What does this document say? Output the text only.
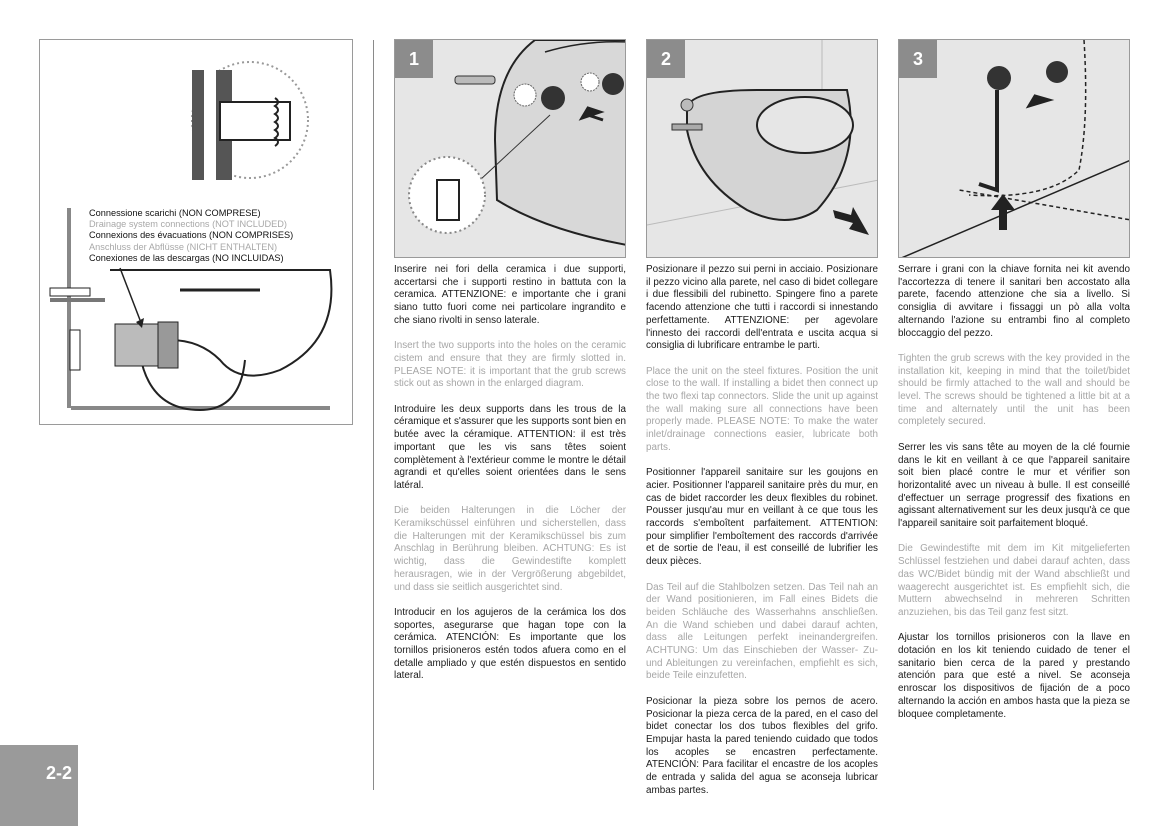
Connessione scarichi (NON COMPRESE)
Drainage system connections (NOT INCLUDED)
Connexions des évacuations (NON COMPRISES)
Anschluss der Abflüsse (NICHT ENTHALTEN)
Conexiones de las descargas (NO INCLUIDAS)
1	2	3

Inserire nei fori della ceramica i due supporti, accertarsi che i supporti restino in battuta con la ceramica. ATTENZIONE: e importante che i grani siano tutto fuori come nei particolare ingrandito e che siano rivolti in senso laterale.

Insert the two supports into the holes on the ceramic cistem and ensure that they are firmly slotted in. PLEASE NOTE: it is important that the grub screws stick out as shown in the enlarged diagram.

Introduire les deux supports dans les trous de la céramique et s'assurer que les supports sont bien en butée avec la céramique. ATTENTION: il est très important que les vis sans têtes soient complètement à l'extérieur comme le montre le détail agrandi et qu'elles soient orientées dans le sens latéral.

Die beiden Halterungen in die Löcher der Keramikschüssel einführen und sicherstellen, dass die Halterungen mit der Keramikschüssel bis zum Anschlag in Berührung bleiben. ACHTUNG: Es ist wichtig, dass die Gewindestifte komplett herausragen, wie in der Vergrößerung abgebildet, und dass sie seitlich ausgerichtet sind.

Introducir en los agujeros de la cerámica los dos soportes, asegurarse que hagan tope con la cerámica. ATENCIÓN: Es importante que los tornillos prisioneros estén todos afuera como en el detalle ampliado y que estén dispuestos en sentido lateral.

Posizionare il pezzo sui perni in acciaio. Posizionare il pezzo vicino alla parete, nel caso di bidet collegare i due flessibili del rubinetto. Spingere fino a parete facendo attenzione che tutti i raccordi si innestando perfettamente. ATTENZIONE: per agevolare l'innesto dei raccordi dell'entrata e uscita acqua si consiglia di lubrificare entrambe le parti.

Place the unit on the steel fixtures. Position the unit close to the wall. If installing a bidet then connect up the two flexi tap connectors. Slide the unit up against the wall making sure all connections have been properly made. PLEASE NOTE: To make the water inlet/drainage connections easier, lubricate both parts.

Positionner l'appareil sanitaire sur les goujons en acier. Positionner l'appareil sanitaire près du mur, en cas de bidet raccorder les deux flexibles du robinet. Pousser jusqu'au mur en veillant à ce que tous les raccords s'emboîtent parfaitement. ATTENTION: pour simplifier l'emboîtement des raccords d'arrivée et de sortie de l'eau, il est conseillé de lubrifier les deux pièces.

Das Teil auf die Stahlbolzen setzen. Das Teil nah an der Wand positionieren, im Fall eines Bidets die beiden Schläuche des Wasserhahns anschließen. An die Wand schieben und dabei darauf achten, dass alle Leitungen perfekt ineinandergreifen. ACHTUNG: Um das Einschieben der Wasser- Zu- und Ableitungen zu vereinfachen, empfiehlt es sich, beide Teile einzufetten.

Posicionar la pieza sobre los pernos de acero. Posicionar la pieza cerca de la pared, en el caso del bidet conectar los dos tubos flexibles del grifo. Empujar hasta la pared teniendo cuidado que todos los acoples se encastren perfectamente. ATENCIÓN: Para facilitar el encastre de los acoples de entrada y salida del agua se aconseja lubricar ambas partes.

Serrare i grani con la chiave fornita nei kit avendo l'accortezza di tenere il sanitari ben accostato alla parete, facendo attenzione che sia a livello. Si consiglia di avvitare i fissaggi un pò alla volta alternando l'azione su entrambi fino al completo bloccaggio del pezzo.

Tighten the grub screws with the key provided in the installation kit, keeping in mind that the toilet/bidet should be firmly attached to the wall and should be level. The screws should be tightened a little bit at a time and alternately until the unit has been completely secured.

Serrer les vis sans tête au moyen de la clé fournie dans le kit en veillant à ce que l'appareil sanitaire soit bien placé contre le mur et vérifier son horizontalité avec un niveau à bulle. Il est conseillé d'effectuer un serrage progressif des fixations en agissant alternativement sur les deux jusqu'à ce que l'appareil sanitaire soit parfaitement bloqué.

Die Gewindestifte mit dem im Kit mitgelieferten Schlüssel festziehen und dabei darauf achten, dass das WC/Bidet bündig mit der Wand abschließt und waagerecht ausgerichtet ist. Es empfiehlt sich, die Muttern abwechselnd in mehreren Schritten anzuziehen, bis das Teil ganz fest sitzt.

Ajustar los tornillos prisioneros con la llave en dotación en los kit teniendo cuidado de tener el sanitario bien cerca de la pared y prestando atención para que esté a nivel. Se aconseja enroscar los dispositivos de fijación de a poco alternando la acción en ambos hasta que la pieza se bloquee completamente.

2-2
